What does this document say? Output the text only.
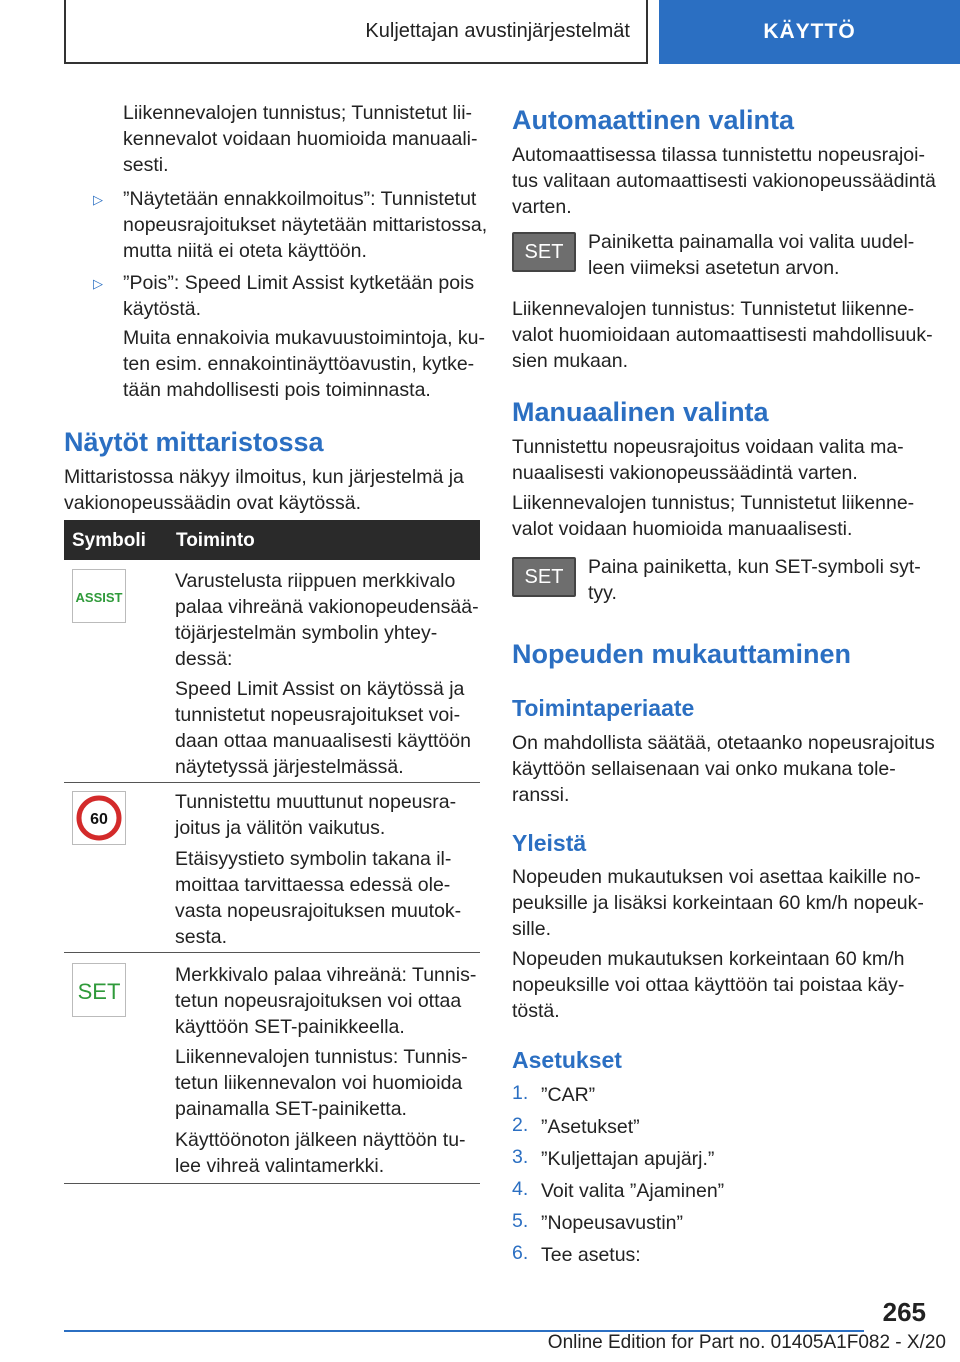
Kuljettajan avustinjärjestelmät	KÄYTTÖ

Liikennevalojen tunnistus; Tunnistetut lii-

kennevalot voidaan huomioida manuaali-

sesti.

▷ ”Näytetään ennakkoilmoitus”: Tunnistetut

nopeusrajoitukset näytetään mittaristossa,

mutta niitä ei oteta käyttöön.

▷ ”Pois”: Speed Limit Assist kytketään pois

käytöstä.

Muita ennakoivia mukavuustoimintoja, ku-

ten esim. ennakointinäyttöavustin, kytke-

tään mahdollisesti pois toiminnasta.

Näytöt mittaristossa

Mittaristossa näkyy ilmoitus, kun järjestelmä ja

vakionopeussäädin ovat käytössä.

Symboli Toiminto
ASSIST

Varustelusta riippuen merkkivalo

palaa vihreänä vakionopeudensää-

töjärjestelmän symbolin yhtey-

dessä:

Speed Limit Assist on käytössä ja

tunnistetut nopeusrajoitukset voi-

daan ottaa manuaalisesti käyttöön

näytetyssä järjestelmässä.

60

Tunnistettu muuttunut nopeusra-

joitus ja välitön vaikutus.

Etäisyystieto symbolin takana il-

moittaa tarvittaessa edessä ole-

vasta nopeusrajoituksen muutok-

sesta.

SET

Merkkivalo palaa vihreänä: Tunnis-

tetun nopeusrajoituksen voi ottaa

käyttöön SET-painikkeella.

Liikennevalojen tunnistus: Tunnis-

tetun liikennevalon voi huomioida

painamalla SET-painiketta.

Käyttöönoton jälkeen näyttöön tu-

lee vihreä valintamerkki.

Automaattinen valinta

Automaattisessa tilassa tunnistettu nopeusrajoi-

tus valitaan automaattisesti vakionopeussäädintä

varten.

SET Painiketta painamalla voi valita uudel-

leen viimeksi asetetun arvon.

Liikennevalojen tunnistus: Tunnistetut liikenne-

valot huomioidaan automaattisesti mahdollisuuk-

sien mukaan.

Manuaalinen valinta

Tunnistettu nopeusrajoitus voidaan valita ma-

nuaalisesti vakionopeussäädintä varten.

Liikennevalojen tunnistus; Tunnistetut liikenne-

valot voidaan huomioida manuaalisesti.

SET Paina painiketta, kun SET-symboli syt-

tyy.

Nopeuden mukauttaminen

Toimintaperiaate

On mahdollista säätää, otetaanko nopeusrajoitus

käyttöön sellaisenaan vai onko mukana tole-

ranssi.

Yleistä

Nopeuden mukautuksen voi asettaa kaikille no-

peuksille ja lisäksi korkeintaan 60 km/h nopeuk-

sille.

Nopeuden mukautuksen korkeintaan 60 km/h

nopeuksille voi ottaa käyttöön tai poistaa käy-

töstä.

Asetukset

1. ”CAR”

2. ”Asetukset”

3. ”Kuljettajan apujärj.”

4. Voit valita ”Ajaminen”

5. ”Nopeusavustin”

6. Tee asetus:

265
Online Edition for Part no. 01405A1F082 - X/20
